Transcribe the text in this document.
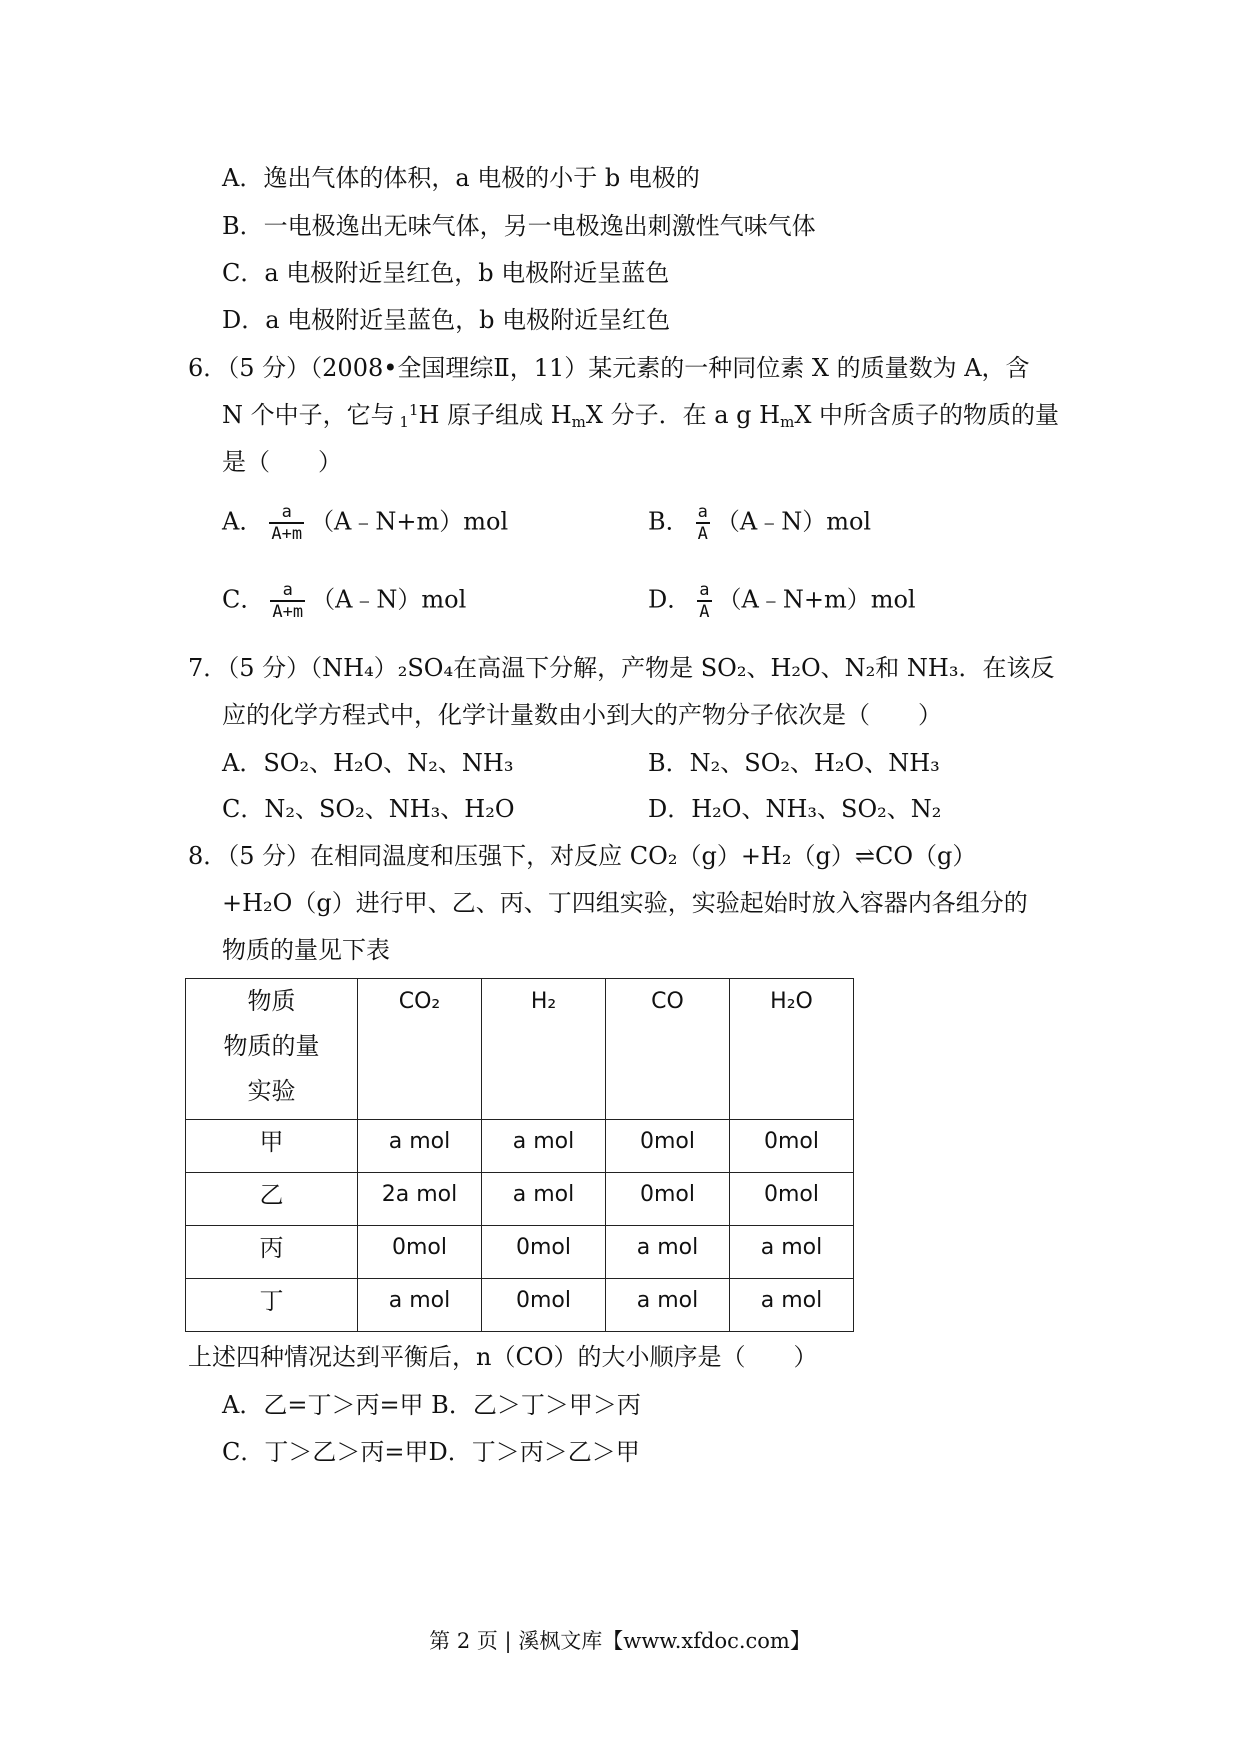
A．逸出气体的体积，a 电极的小于 b 电极的
B．一电极逸出无味气体，另一电极逸出刺激性气味气体
C．a 电极附近呈红色，b 电极附近呈蓝色
D．a 电极附近呈蓝色，b 电极附近呈红色
6．（5 分）（2008•全国理综Ⅱ，11）某元素的一种同位素 X 的质量数为 A，含
N 个中子，它与 $1^1H$ 原子组成 $H_mX$ 分子．在 a g $H_mX$ 中所含质子的物质的量
是（　　）
A． $\frac{a}{A+m}$ （A﹣N+m）mol	B． $\frac{a}{A}$ （A﹣N）mol
C． $\frac{a}{A+m}$ （A﹣N）mol	D． $\frac{a}{A}$ （A﹣N+m）mol
7．（5 分）（NH₄）₂SO₄在高温下分解，产物是 SO₂、H₂O、N₂和 NH₃．在该反
应的化学方程式中，化学计量数由小到大的产物分子依次是（　　）
A．SO₂、H₂O、N₂、NH₃	B．N₂、SO₂、H₂O、NH₃
C．N₂、SO₂、NH₃、H₂O	D．H₂O、NH₃、SO₂、N₂
8．（5 分）在相同温度和压强下，对反应 CO₂（g）+H₂（g）⇌CO（g）
+H₂O（g）进行甲、乙、丙、丁四组实验，实验起始时放入容器内各组分的
物质的量见下表
物质
物质的量
实验	CO₂	H₂	CO	H₂O
甲	a mol	a mol	0mol	0mol
乙	2a mol	a mol	0mol	0mol
丙	0mol	0mol	a mol	a mol
丁	a mol	0mol	a mol	a mol
上述四种情况达到平衡后，n（CO）的大小顺序是（　　）
A．乙=丁＞丙=甲 B．乙＞丁＞甲＞丙
C．丁＞乙＞丙=甲D．丁＞丙＞乙＞甲
第 2 页 | 溪枫文库【www.xfdoc.com】
